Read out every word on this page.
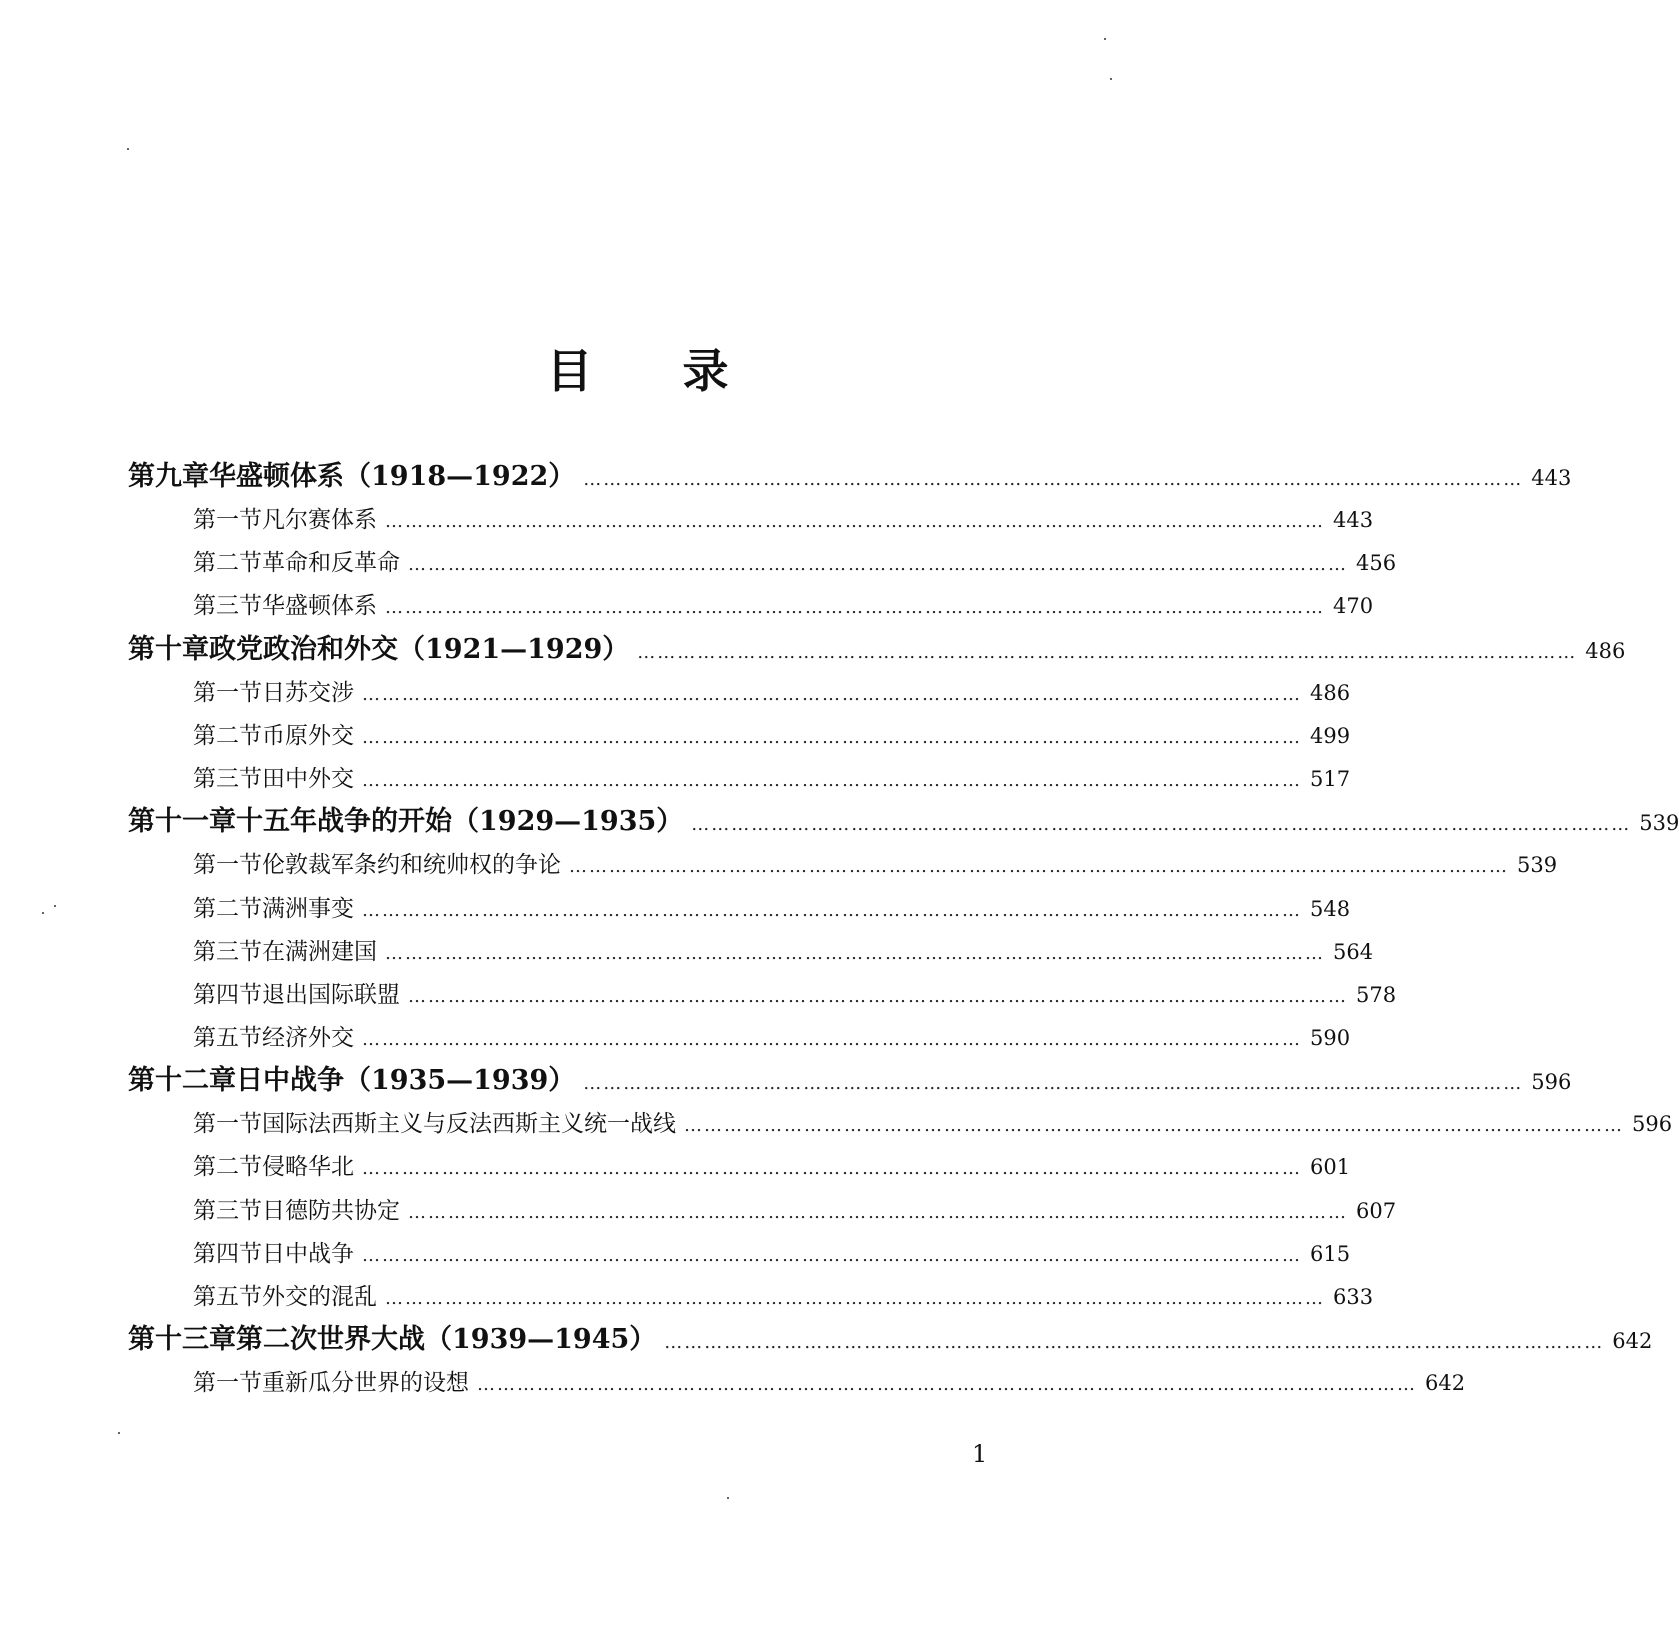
目 录
第九章 华盛顿体系（1918—1922） …………………………………………………………………………………………………………………………… 443
第一节 凡尔赛体系 …………………………………………………………………………………………………………………………… 443
第二节 革命和反革命 …………………………………………………………………………………………………………………………… 456
第三节 华盛顿体系 …………………………………………………………………………………………………………………………… 470
第十章 政党政治和外交（1921—1929） …………………………………………………………………………………………………………………………… 486
第一节 日苏交涉 …………………………………………………………………………………………………………………………… 486
第二节 币原外交 …………………………………………………………………………………………………………………………… 499
第三节 田中外交 …………………………………………………………………………………………………………………………… 517
第十一章 十五年战争的开始（1929—1935） …………………………………………………………………………………………………………………………… 539
第一节 伦敦裁军条约和统帅权的争论 …………………………………………………………………………………………………………………………… 539
第二节 满洲事变 …………………………………………………………………………………………………………………………… 548
第三节 在满洲建国 …………………………………………………………………………………………………………………………… 564
第四节 退出国际联盟 …………………………………………………………………………………………………………………………… 578
第五节 经济外交 …………………………………………………………………………………………………………………………… 590
第十二章 日中战争（1935—1939） …………………………………………………………………………………………………………………………… 596
第一节 国际法西斯主义与反法西斯主义统一战线 …………………………………………………………………………………………………………………………… 596
第二节 侵略华北 …………………………………………………………………………………………………………………………… 601
第三节 日德防共协定 …………………………………………………………………………………………………………………………… 607
第四节 日中战争 …………………………………………………………………………………………………………………………… 615
第五节 外交的混乱 …………………………………………………………………………………………………………………………… 633
第十三章 第二次世界大战（1939—1945） …………………………………………………………………………………………………………………………… 642
第一节 重新瓜分世界的设想 …………………………………………………………………………………………………………………………… 642
1
